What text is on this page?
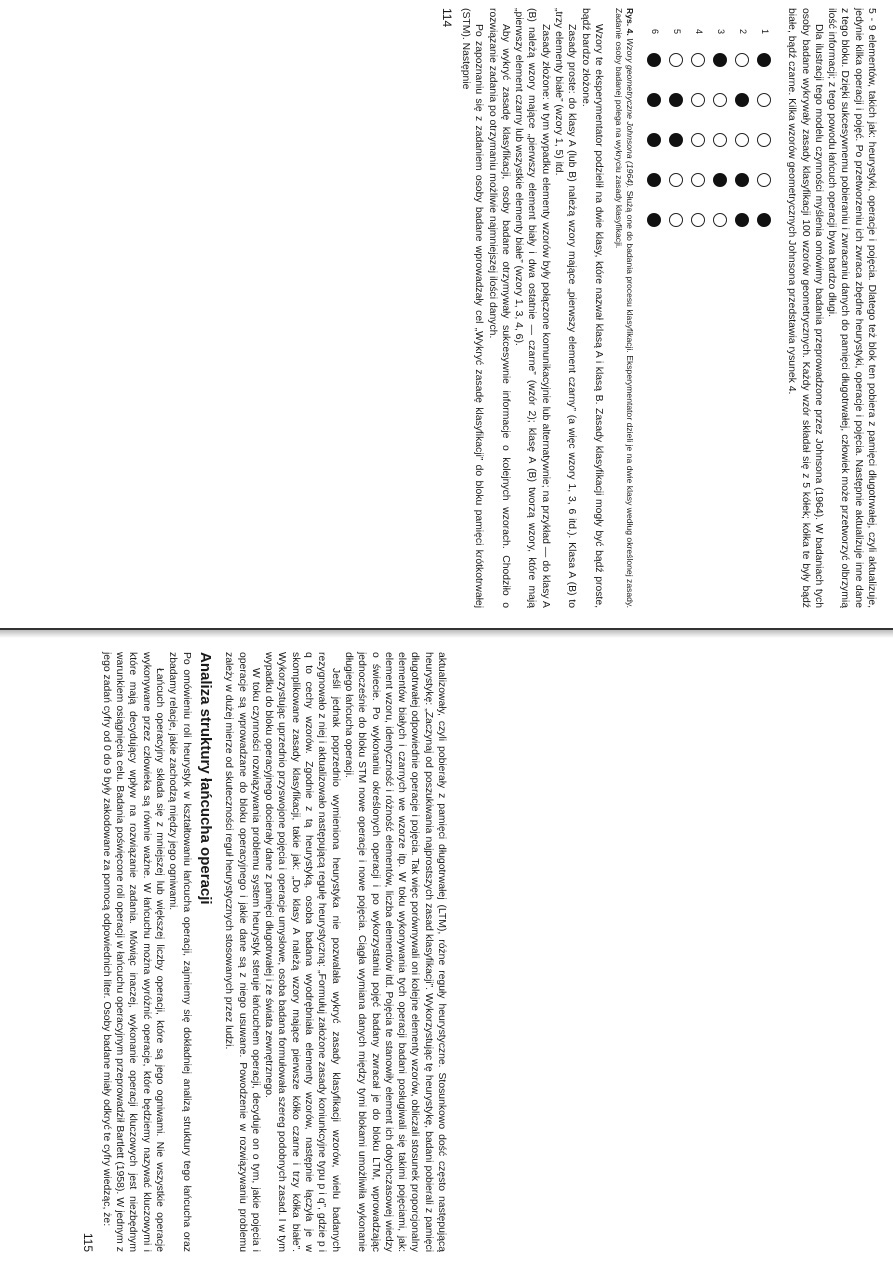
5 - 9 elementów, takich jak: heurystyki, operacje i pojęcia. Dlatego też blok ten pobiera z pamięci długotrwałej, czyli aktualizuje, jedynie kilka operacji i pojęć. Po przetworzeniu ich zwraca zbędne heurystyki, operacje i pojęcia. Następnie aktualizuje inne dane z tego bloku. Dzięki sukcesywnemu pobieraniu i zwracaniu danych do pamięci długotrwałej, człowiek może przetworzyć olbrzymią ilość informacji; z tego powodu łańcuch operacji bywa bardzo długi.

Dla ilustracji tego modelu czynności myślenia omówimy badania przeprowadzone przez Johnsona (1964). W badaniach tych osoby badane wykrywały zasady klasyfikacji 100 wzorów geometrycznych. Każdy wzór składał się z 5 kółek; kółka te były bądź białe, bądź czarne. Kilka wzorów geometrycznych Johnsona przedstawia rysunek 4.

1
2
3
4
5
6
Rys. 4. Wzory geometryczne Johnsona (1964). Służą one do badania procesu klasyfikacji. Eksperymentator dzieli je na dwie klasy według określonej zasady. Zadanie osoby badanej polega na wykryciu zasady klasyfikacji.

Wzory te eksperymentator podzielił na dwie klasy, które nazwał klasą A i klasą B. Zasady klasyfikacji mogły być bądź proste, bądź bardzo złożone.

Zasady proste: do klasy A (lub B) należą wzory mające „pierwszy element czarny” (a więc wzory 1, 3, 6 itd.). Klasa A (B) to „trzy elementy białe” (wzory 1, 5) itd.

Zasady złożone: w tym wypadku elementy wzorów były połączone komunikacyjnie lub alternatywnie; na przykład — do klasy A (B) należą wzory mające „pierwszy element biały i dwa ostatnie — czarne” (wzór 2); klasę A (B) tworzą wzory, które mają „pierwszy element czarny lub wszystkie elementy białe” (wzory 1, 3, 4, 6).

Aby wykryć zasadę klasyfikacji, osoby badane otrzymywały sukcesywnie informacje o kolejnych wzorach. Chodziło o rozwiązanie zadania po otrzymaniu możliwie najmniejszej ilości danych.

Po zapoznaniu się z zadaniem osoby badane wprowadzały cel „Wykryć zasadę klasyfikacji” do bloku pamięci krótkotrwałej (STM). Następnie

114

aktualizowały, czyli pobierały z pamięci długotrwałej (LTM), różne reguły heurystyczne. Stosunkowo dość często następującą heurystykę: „Zaczynaj od poszukiwania najprostszych zasad klasyfikacji”. Wykorzystując tę heurystykę, badani pobierali z pamięci długotrwałej odpowiednie operacje i pojęcia. Tak więc porównywali oni kolejne elementy wzorów, obliczali stosunek proporcjonalny elementów białych i czarnych we wzorze itp. W toku wykonywania tych operacji badani posługiwali się takimi pojęciami, jak: element wzoru, identyczność i różność elementów, liczba elementów itd. Pojęcia te stanowiły element ich dotychczasowej wiedzy o świecie. Po wykonaniu określonych operacji i po wykorzystaniu pojęć badany zwracał je do bloku LTM, wprowadzając jednocześnie do bloku STM nowe operacje i nowe pojęcia. Ciągła wymiana danych między tymi blokami umożliwiła wykonanie długiego łańcucha operacji.

Jeśli jednak poprzednio wymieniona heurystyka nie pozwalała wykryć zasady klasyfikacji wzorów, wielu badanych rezygnowało z niej i aktualizowało następującą regułę heurystyczną: „Formułuj założone zasady koniunkcyjne typu p i q”, gdzie p i q to cechy wzorów. Zgodnie z tą heurystyką, osoba badana wyodrębniała elementy wzorów, następnie łączyła je w skomplikowane zasady klasyfikacji, takie jak: „Do klasy A należą wzory mające pierwsze kółko czarne i trzy kółka białe”. Wykorzystując uprzednio przyswojone pojęcia i operacje umysłowe, osoba badana formułowała szereg podobnych zasad. I w tym wypadku do bloku operacyjnego docierały dane z pamięci długotrwałej i ze świata zewnętrznego.

W toku czynności rozwiązywania problemu system heurystyk steruje łańcuchem operacji, decyduje on o tym, jakie pojęcia i operacje są wprowadzane do bloku operacyjnego i jakie dane są z niego usuwane. Powodzenie w rozwiązywaniu problemu zależy w dużej mierze od skuteczności reguł heurystycznych stosowanych przez ludzi.

Analiza struktury łańcucha operacji

Po omówieniu roli heurystyk w kształtowaniu łańcucha operacji, zajmiemy się dokładniej analizą struktury tego łańcucha oraz zbadamy relacje, jakie zachodzą między jego ogniwami.

Łańcuch operacyjny składa się z mniejszej lub większej liczby operacji, które są jego ogniwami. Nie wszystkie operacje wykonywane przez człowieka są równie ważne. W łańcuchu można wyróżnić operacje, które będziemy nazywać kluczowymi i które mają decydujący wpływ na rozwiązanie zadania. Mówiąc inaczej, wykonanie operacji kluczowych jest niezbędnym warunkiem osiągnięcia celu. Badania poświęcone roli operacji w łańcuchu operacyjnym przeprowadził Bartlett (1958). W jednym z jego zadań cyfry od 0 do 9 były zakodowane za pomocą odpowiednich liter. Osoby badane miały odkryć te cyfry wiedząc, że:

115
